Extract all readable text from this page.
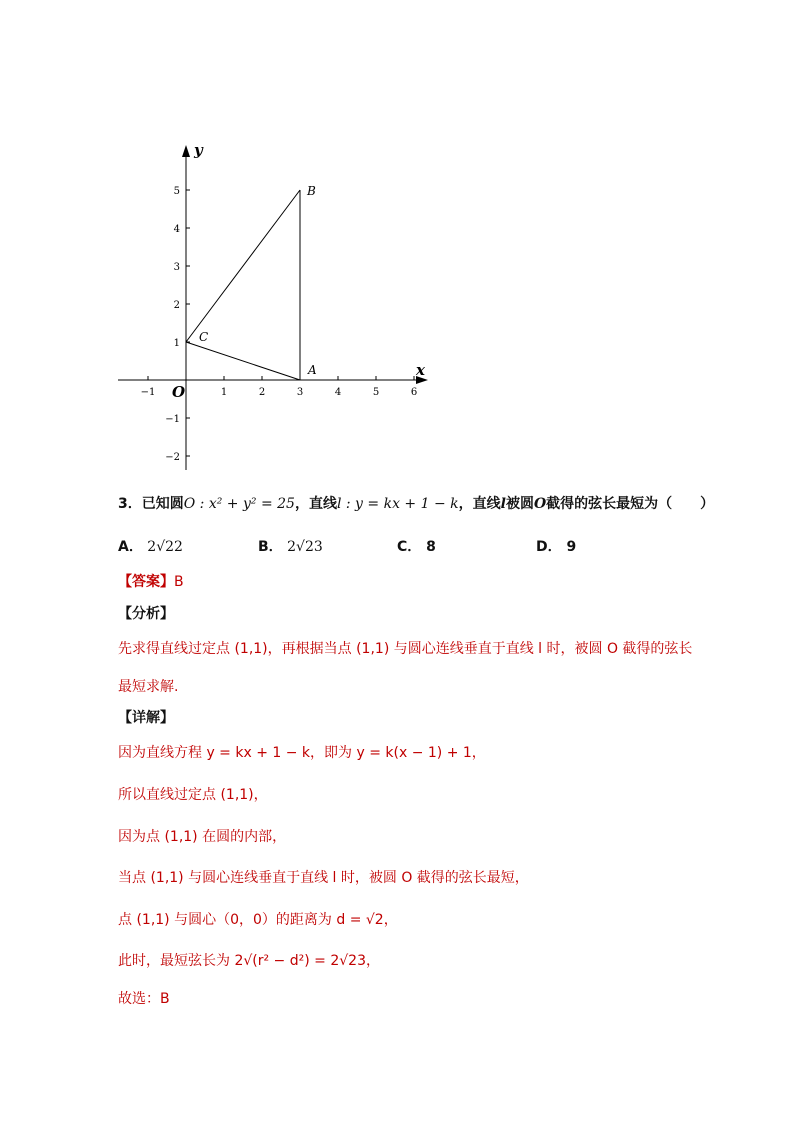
x
y
O
−1	1	2	3	4	5	6
5
4
3
2
1
−1
−2
B
A
C
3．已知圆O : x² + y² = 25，直线l : y = kx + 1 − k，直线l被圆O截得的弦长最短为（　　）
A． 2√22	B． 2√23	C． 8	D． 9
【答案】B
【分析】
先求得直线过定点 (1,1)，再根据当点 (1,1) 与圆心连线垂直于直线 l 时，被圆 O 截得的弦长
最短求解.
【详解】
因为直线方程 y = kx + 1 − k，即为 y = k(x − 1) + 1，
所以直线过定点 (1,1)，
因为点 (1,1) 在圆的内部，
当点 (1,1) 与圆心连线垂直于直线 l 时，被圆 O 截得的弦长最短，
点 (1,1) 与圆心（0，0）的距离为 d = √2，
此时，最短弦长为 2√(r² − d²) = 2√23，
故选：B
